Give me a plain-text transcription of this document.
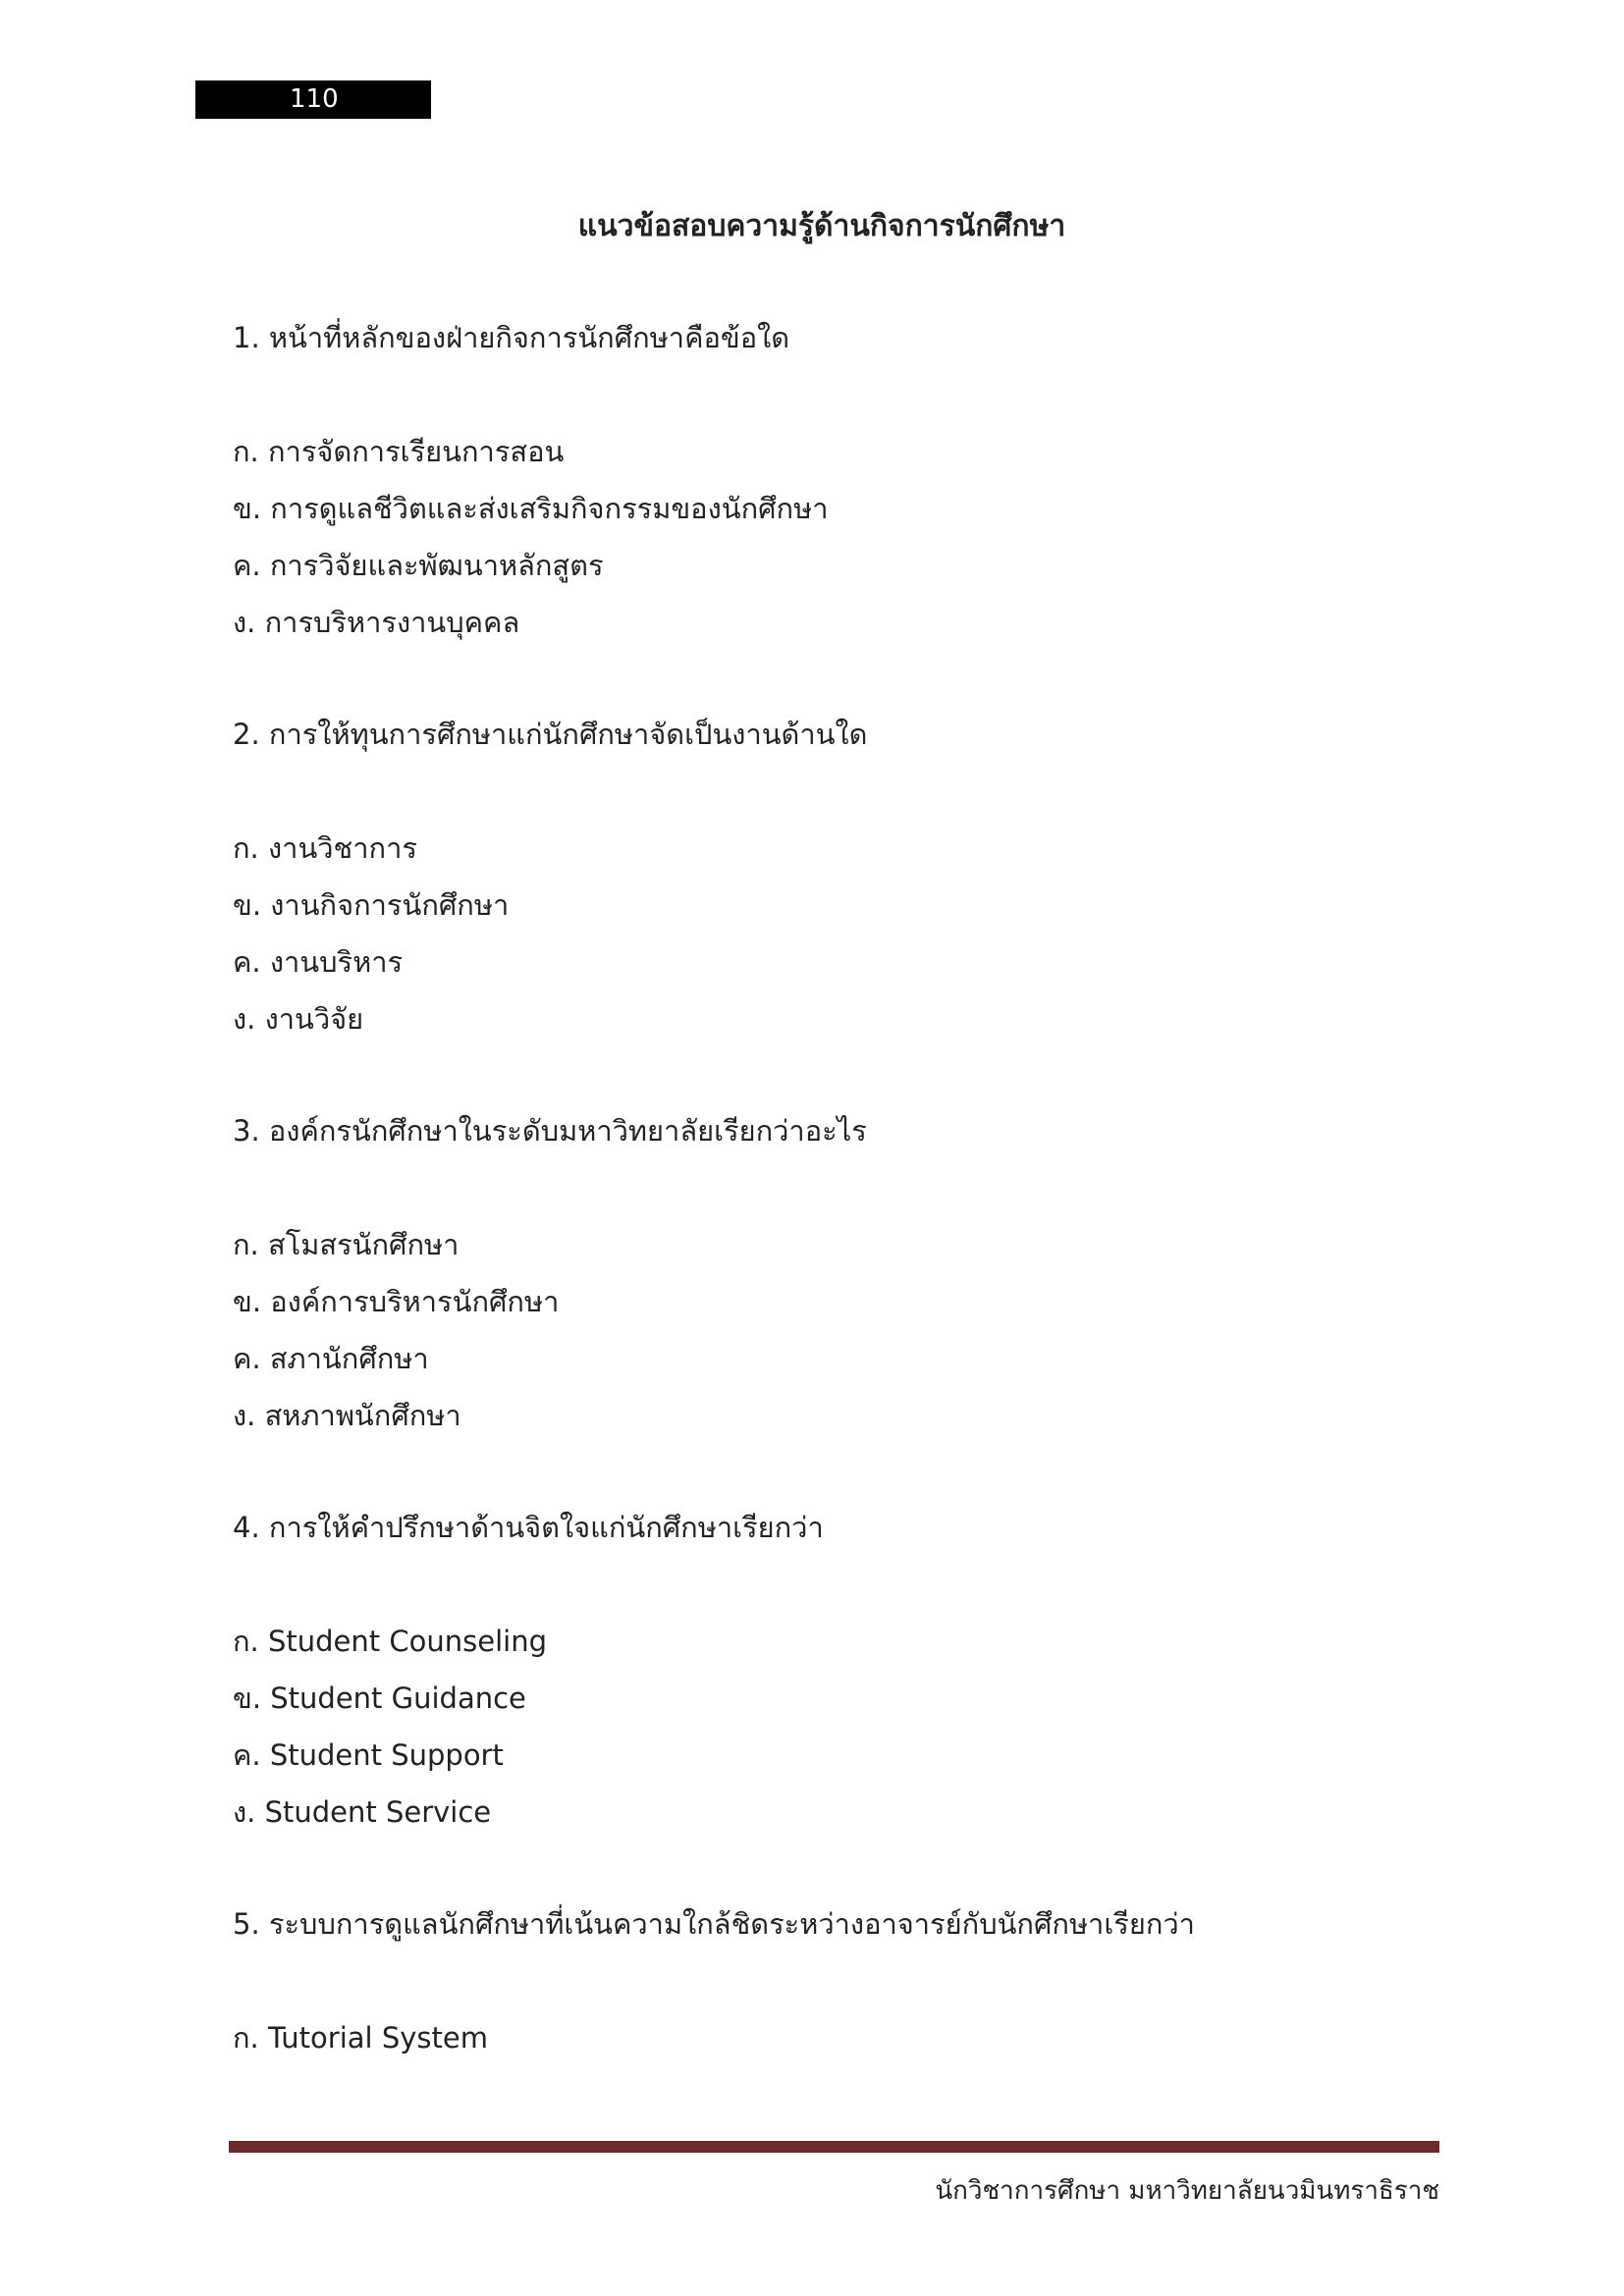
110
แนวข้อสอบความรู้ด้านกิจการนักศึกษา
1. หน้าที่หลักของฝ่ายกิจการนักศึกษาคือข้อใด
ก. การจัดการเรียนการสอน
ข. การดูแลชีวิตและส่งเสริมกิจกรรมของนักศึกษา
ค. การวิจัยและพัฒนาหลักสูตร
ง. การบริหารงานบุคคล
2. การให้ทุนการศึกษาแก่นักศึกษาจัดเป็นงานด้านใด
ก. งานวิชาการ
ข. งานกิจการนักศึกษา
ค. งานบริหาร
ง. งานวิจัย
3. องค์กรนักศึกษาในระดับมหาวิทยาลัยเรียกว่าอะไร
ก. สโมสรนักศึกษา
ข. องค์การบริหารนักศึกษา
ค. สภานักศึกษา
ง. สหภาพนักศึกษา
4. การให้คำปรึกษาด้านจิตใจแก่นักศึกษาเรียกว่า
ก. Student Counseling
ข. Student Guidance
ค. Student Support
ง. Student Service
5. ระบบการดูแลนักศึกษาที่เน้นความใกล้ชิดระหว่างอาจารย์กับนักศึกษาเรียกว่า
ก. Tutorial System
นักวิชาการศึกษา มหาวิทยาลัยนวมินทราธิราช
